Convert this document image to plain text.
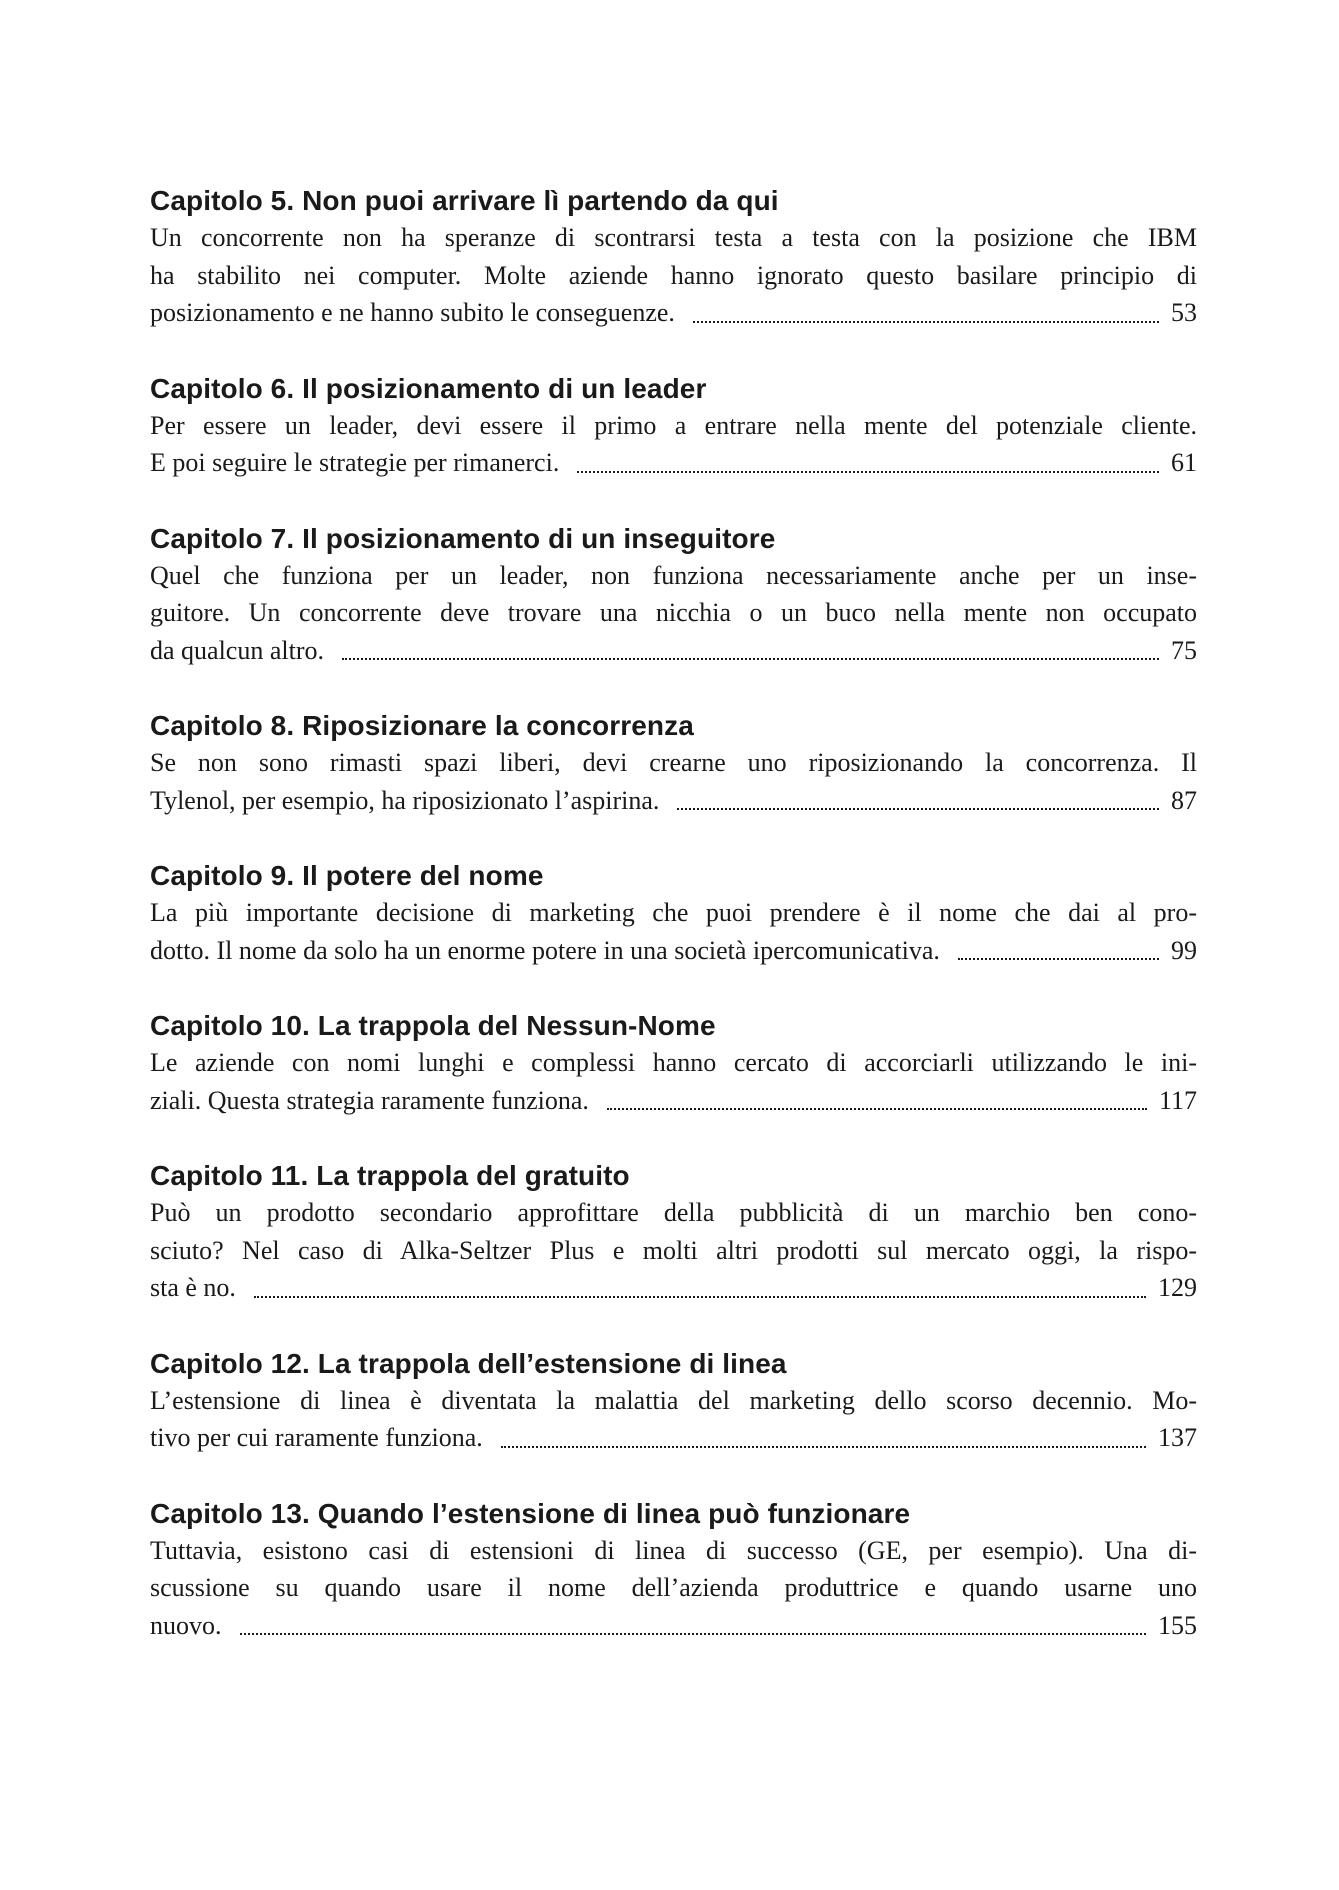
Capitolo 5. Non puoi arrivare lì partendo da qui
Un concorrente non ha speranze di scontrarsi testa a testa con la posizione che IBM
ha stabilito nei computer. Molte aziende hanno ignorato questo basilare principio di
posizionamento e ne hanno subito le conseguenze.	53
Capitolo 6. Il posizionamento di un leader
Per essere un leader, devi essere il primo a entrare nella mente del potenziale cliente.
E poi seguire le strategie per rimanerci.	61
Capitolo 7. Il posizionamento di un inseguitore
Quel che funziona per un leader, non funziona necessariamente anche per un inse-
guitore. Un concorrente deve trovare una nicchia o un buco nella mente non occupato
da qualcun altro.	75
Capitolo 8. Riposizionare la concorrenza
Se non sono rimasti spazi liberi, devi crearne uno riposizionando la concorrenza. Il
Tylenol, per esempio, ha riposizionato l’aspirina.	87
Capitolo 9. Il potere del nome
La più importante decisione di marketing che puoi prendere è il nome che dai al pro-
dotto. Il nome da solo ha un enorme potere in una società ipercomunicativa.	99
Capitolo 10. La trappola del Nessun-Nome
Le aziende con nomi lunghi e complessi hanno cercato di accorciarli utilizzando le ini-
ziali. Questa strategia raramente funziona.	117
Capitolo 11. La trappola del gratuito
Può un prodotto secondario approfittare della pubblicità di un marchio ben cono-
sciuto? Nel caso di Alka-Seltzer Plus e molti altri prodotti sul mercato oggi, la rispo-
sta è no.	129
Capitolo 12. La trappola dell’estensione di linea
L’estensione di linea è diventata la malattia del marketing dello scorso decennio. Mo-
tivo per cui raramente funziona.	137
Capitolo 13. Quando l’estensione di linea può funzionare
Tuttavia, esistono casi di estensioni di linea di successo (GE, per esempio). Una di-
scussione su quando usare il nome dell’azienda produttrice e quando usarne uno
nuovo.	155
